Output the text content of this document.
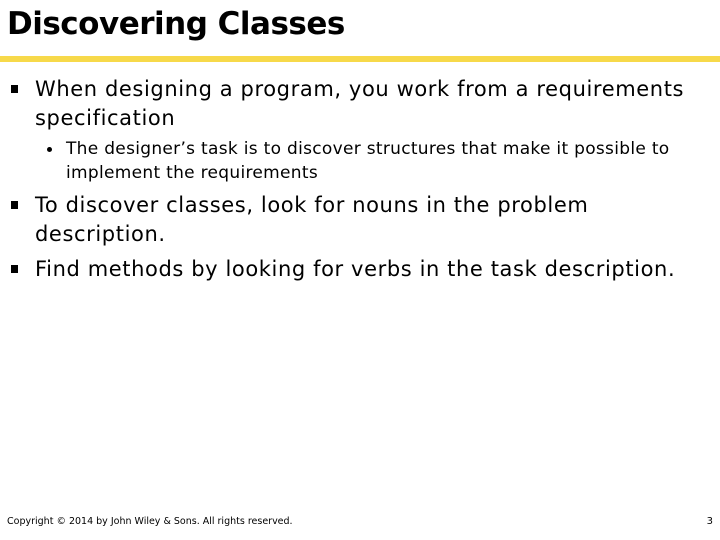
Discovering Classes
When designing a program, you work from a requirements specification
The designer’s task is to discover structures that make it possible to implement the requirements
To discover classes, look for nouns in the problem description.
Find methods by looking for verbs in the task description.
Copyright © 2014 by John Wiley & Sons. All rights reserved.	3
